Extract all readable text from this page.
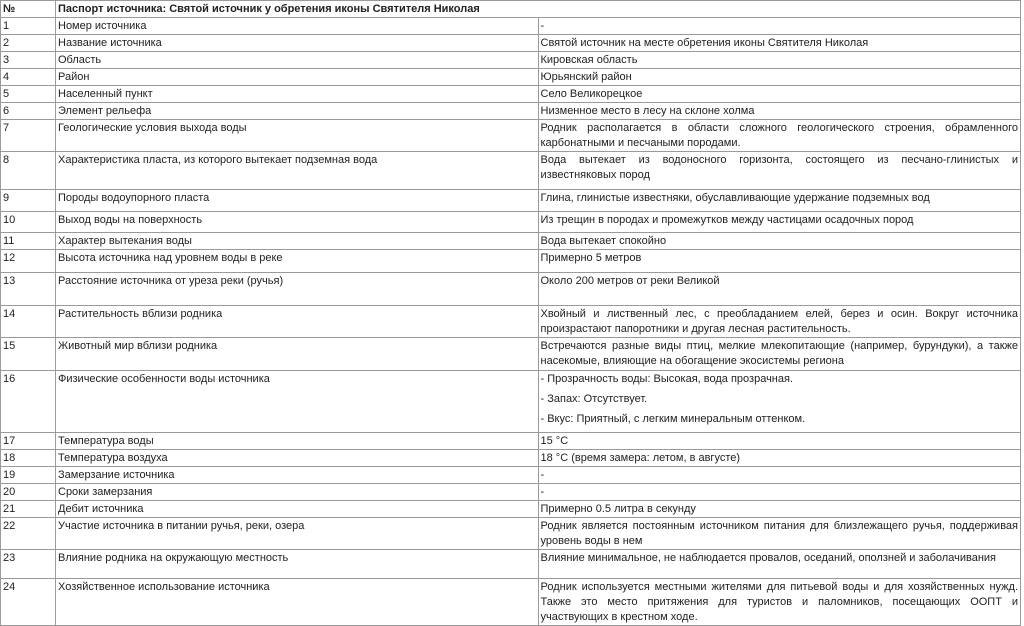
№	Паспорт источника: Святой источник у обретения иконы Святителя Николая	
1	Номер источника	-
2	Название источника	Святой источник на месте обретения иконы Святителя Николая
3	Область	Кировская область
4	Район	Юрьянский район
5	Населенный пункт	Село Великорецкое
6	Элемент рельефа	Низменное место в лесу на склоне холма
7	Геологические условия выхода воды	Родник располагается в области сложного геологического строения, обрамленного карбонатными и песчаными породами.
8	Характеристика пласта, из которого вытекает подземная вода	Вода вытекает из водоносного горизонта, состоящего из песчано-глинистых и известняковых пород
9	Породы водоупорного пласта	Глина, глинистые известняки, обуславливающие удержание подземных вод
10	Выход воды на поверхность	Из трещин в породах и промежутков между частицами осадочных пород
11	Характер вытекания воды	Вода вытекает спокойно
12	Высота источника над уровнем воды в реке	Примерно 5 метров
13	Расстояние источника от уреза реки (ручья)	Около 200 метров от реки Великой
14	Растительность вблизи родника	Хвойный и лиственный лес, с преобладанием елей, берез и осин. Вокруг источника произрастают папоротники и другая лесная растительность.
15	Животный мир вблизи родника	Встречаются разные виды птиц, мелкие млекопитающие (например, бурундуки), а также насекомые, влияющие на обогащение экосистемы региона
16	Физические особенности воды источника	- Прозрачность воды: Высокая, вода прозрачная.

- Запах: Отсутствует.

- Вкус: Приятный, с легким минеральным оттенком.

17	Температура воды	15 °C
18	Температура воздуха	18 °C (время замера: летом, в августе)
19	Замерзание источника	-
20	Сроки замерзания	-
21	Дебит источника	Примерно 0.5 литра в секунду
22	Участие источника в питании ручья, реки, озера	Родник является постоянным источником питания для близлежащего ручья, поддерживая уровень воды в нем
23	Влияние родника на окружающую местность	Влияние минимальное, не наблюдается провалов, оседаний, оползней и заболачивания
24	Хозяйственное использование источника	Родник используется местными жителями для питьевой воды и для хозяйственных нужд. Также это место притяжения для туристов и паломников, посещающих ООПТ и участвующих в крестном ходе.
